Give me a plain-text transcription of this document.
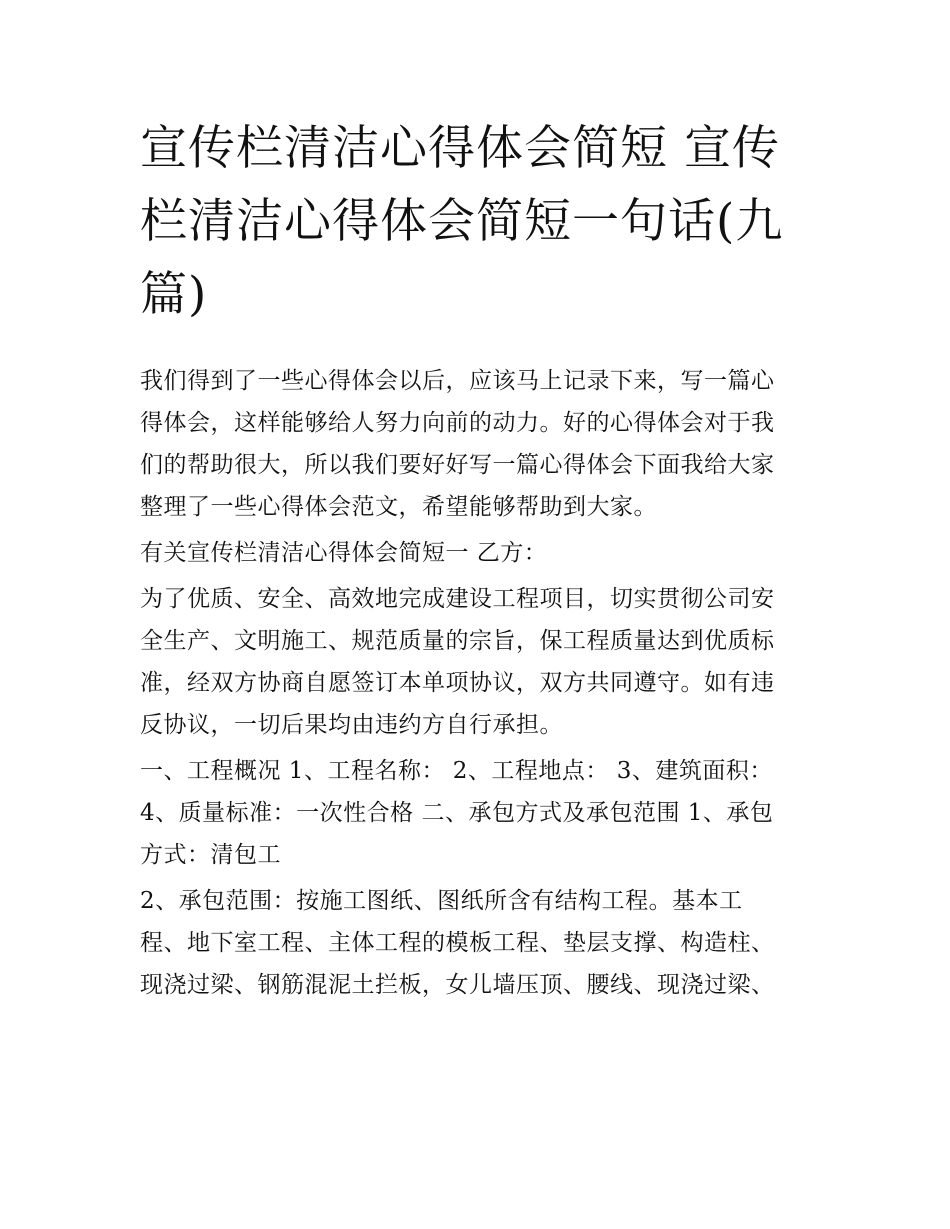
宣传栏清洁心得体会简短 宣传
栏清洁心得体会简短一句话(九
篇)

我们得到了一些心得体会以后，应该马上记录下来，写一篇心
得体会，这样能够给人努力向前的动力。好的心得体会对于我
们的帮助很大，所以我们要好好写一篇心得体会下面我给大家
整理了一些心得体会范文，希望能够帮助到大家。

有关宣传栏清洁心得体会简短一 乙方：

为了优质、安全、高效地完成建设工程项目，切实贯彻公司安
全生产、文明施工、规范质量的宗旨，保工程质量达到优质标
准，经双方协商自愿签订本单项协议，双方共同遵守。如有违
反协议，一切后果均由违约方自行承担。

一、工程概况 1、工程名称： 2、工程地点： 3、建筑面积：
4、质量标准：一次性合格 二、承包方式及承包范围 1、承包
方式：清包工

2、承包范围：按施工图纸、图纸所含有结构工程。基本工
程、地下室工程、主体工程的模板工程、垫层支撑、构造柱、
现浇过梁、钢筋混泥土拦板，女儿墙压顶、腰线、现浇过梁、
